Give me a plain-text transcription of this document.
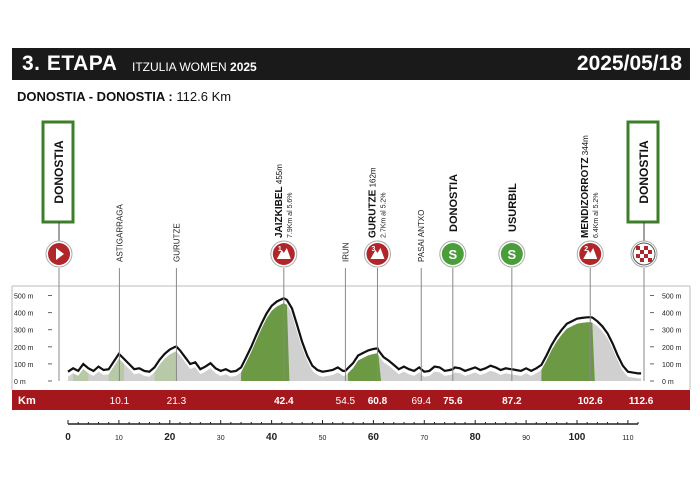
3. ETAPA ITZULIA WOMEN 2025	2025/05/18
DONOSTIA - DONOSTIA : 112.6 Km
500 m	500 m
400 m	400 m
300 m	300 m
200 m	200 m
100 m	100 m
0 m	0 m
Km	10.1	21.3	42.4	54.5 60.8 69.4 75.6	87.2	102.6	112.6
0	10	20	30	40	50	60	70	80	90	100	110
DONOSTIA
ASTIGARRAGA	GURUTZE
JAIZKIBEL 455m
7.9Km al 5.6%
1	IRUN
GURUTZE 162m
2.7Km al 5.2%
3	PASAI ANTXO
DONOSTIA
S
USURBIL
S
MENDIZORROTZ 344m
6.4Km al 5.2%
2
DONOSTIA
